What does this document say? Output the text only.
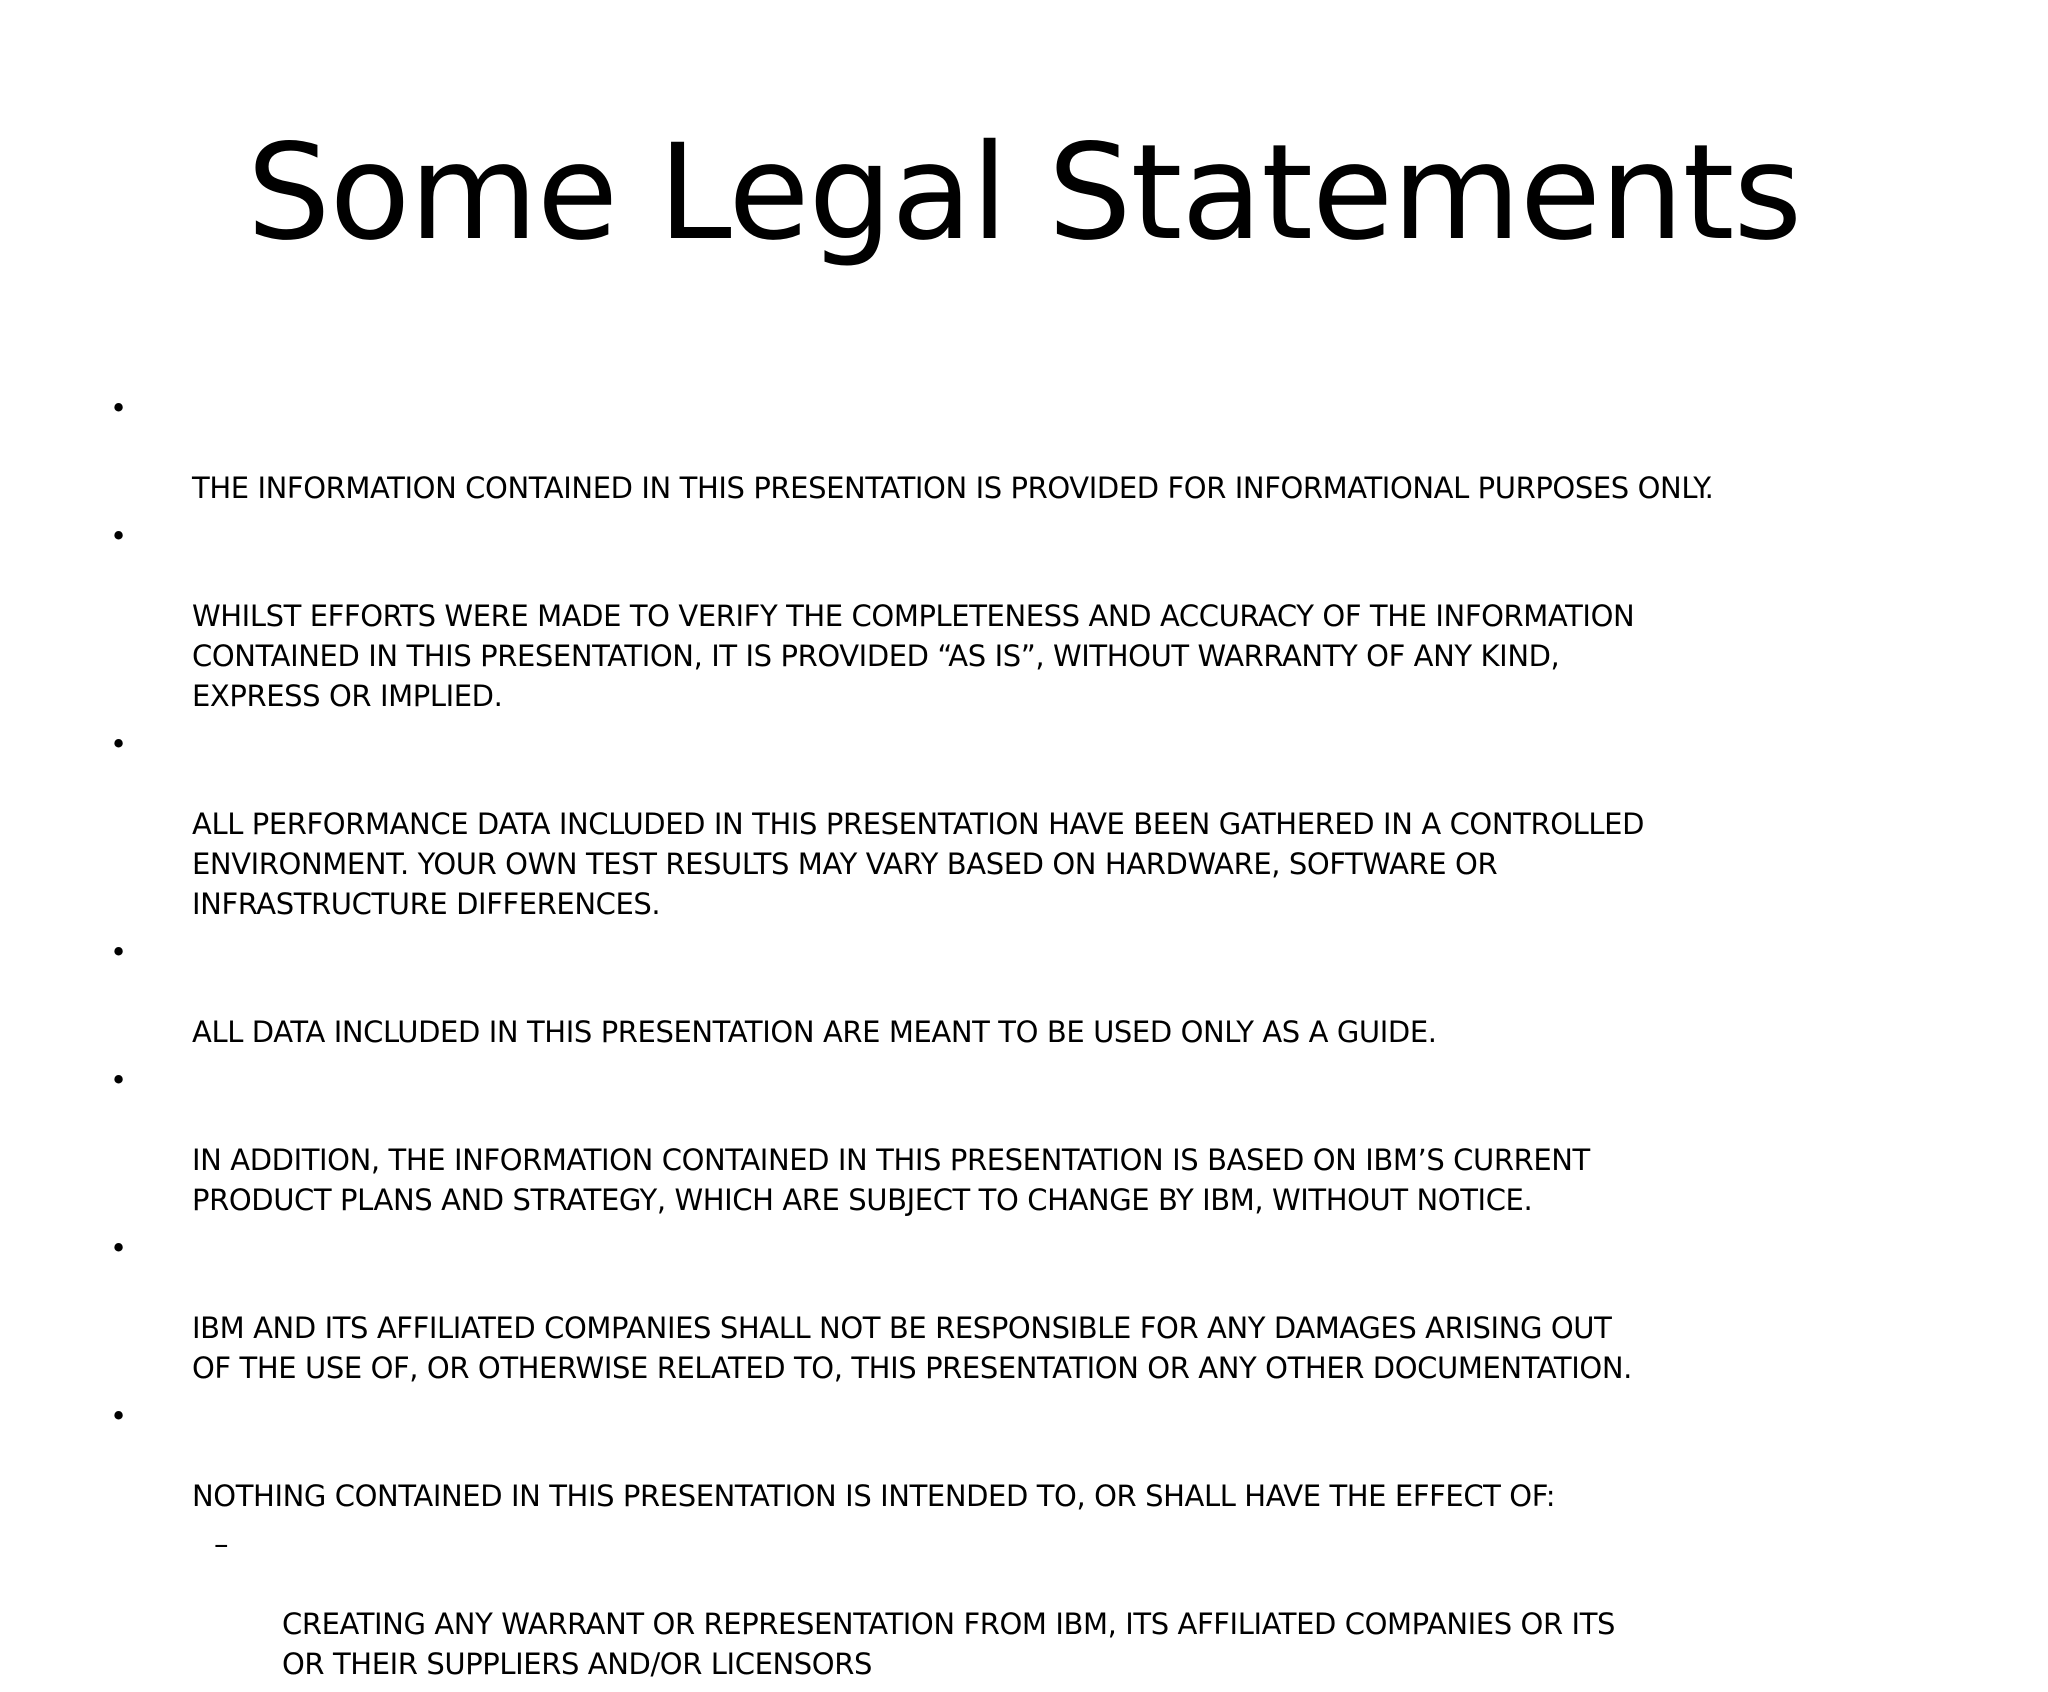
Some Legal Statements

•

THE INFORMATION CONTAINED IN THIS PRESENTATION IS PROVIDED FOR INFORMATIONAL PURPOSES ONLY.

•

WHILST EFFORTS WERE MADE TO VERIFY THE COMPLETENESS AND ACCURACY OF THE INFORMATION
CONTAINED IN THIS PRESENTATION, IT IS PROVIDED “AS IS”, WITHOUT WARRANTY OF ANY KIND,
EXPRESS OR IMPLIED.

•

ALL PERFORMANCE DATA INCLUDED IN THIS PRESENTATION HAVE BEEN GATHERED IN A CONTROLLED
ENVIRONMENT. YOUR OWN TEST RESULTS MAY VARY BASED ON HARDWARE, SOFTWARE OR
INFRASTRUCTURE DIFFERENCES.

•

ALL DATA INCLUDED IN THIS PRESENTATION ARE MEANT TO BE USED ONLY AS A GUIDE.

•

IN ADDITION, THE INFORMATION CONTAINED IN THIS PRESENTATION IS BASED ON IBM’S CURRENT
PRODUCT PLANS AND STRATEGY, WHICH ARE SUBJECT TO CHANGE BY IBM, WITHOUT NOTICE.

•

IBM AND ITS AFFILIATED COMPANIES SHALL NOT BE RESPONSIBLE FOR ANY DAMAGES ARISING OUT
OF THE USE OF, OR OTHERWISE RELATED TO, THIS PRESENTATION OR ANY OTHER DOCUMENTATION.

•

NOTHING CONTAINED IN THIS PRESENTATION IS INTENDED TO, OR SHALL HAVE THE EFFECT OF:

–

CREATING ANY WARRANT OR REPRESENTATION FROM IBM, ITS AFFILIATED COMPANIES OR ITS
OR THEIR SUPPLIERS AND/OR LICENSORS
